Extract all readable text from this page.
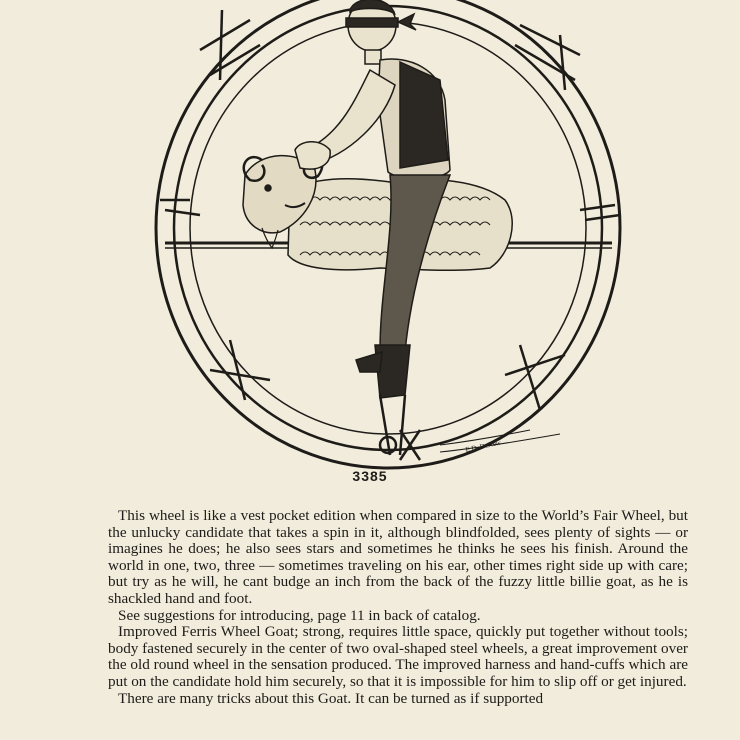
E.D. DeNew
3385

This wheel is like a vest pocket edition when compared in size to the World’s Fair Wheel, but the unlucky candidate that takes a spin in it, although blindfolded, sees plenty of sights — or imagines he does; he also sees stars and sometimes he thinks he sees his finish. Around the world in one, two, three — sometimes traveling on his ear, other times right side up with care; but try as he will, he cant budge an inch from the back of the fuzzy little billie goat, as he is shackled hand and foot.

See suggestions for introducing, page 11 in back of catalog.

Improved Ferris Wheel Goat; strong, requires little space, quickly put together without tools; body fastened securely in the center of two oval-shaped steel wheels, a great improvement over the old round wheel in the sensation produced. The improved harness and hand-cuffs which are put on the candidate hold him securely, so that it is impossible for him to slip off or get injured.

There are many tricks about this Goat. It can be turned as if supported
